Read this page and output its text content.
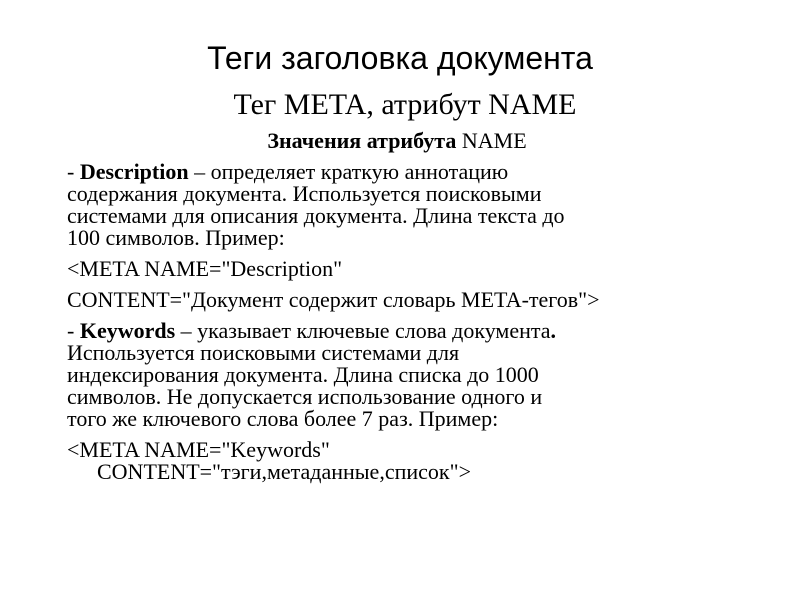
Теги заголовка документа
Тег META, атрибут NAME
Значения атрибута NAME
- Description – определяет краткую аннотацию
содержания документа. Используется поисковыми
системами для описания документа. Длина текста до
100 символов. Пример:
<META NAME="Description"
CONTENT="Документ содержит словарь META-тегов">
- Keywords – указывает ключевые слова документа.
Используется поисковыми системами для
индексирования документа. Длина списка до 1000
символов. Не допускается использование одного и
того же ключевого слова более 7 раз. Пример:
<META NAME="Keywords"
CONTENT="тэги,метаданные,список">
